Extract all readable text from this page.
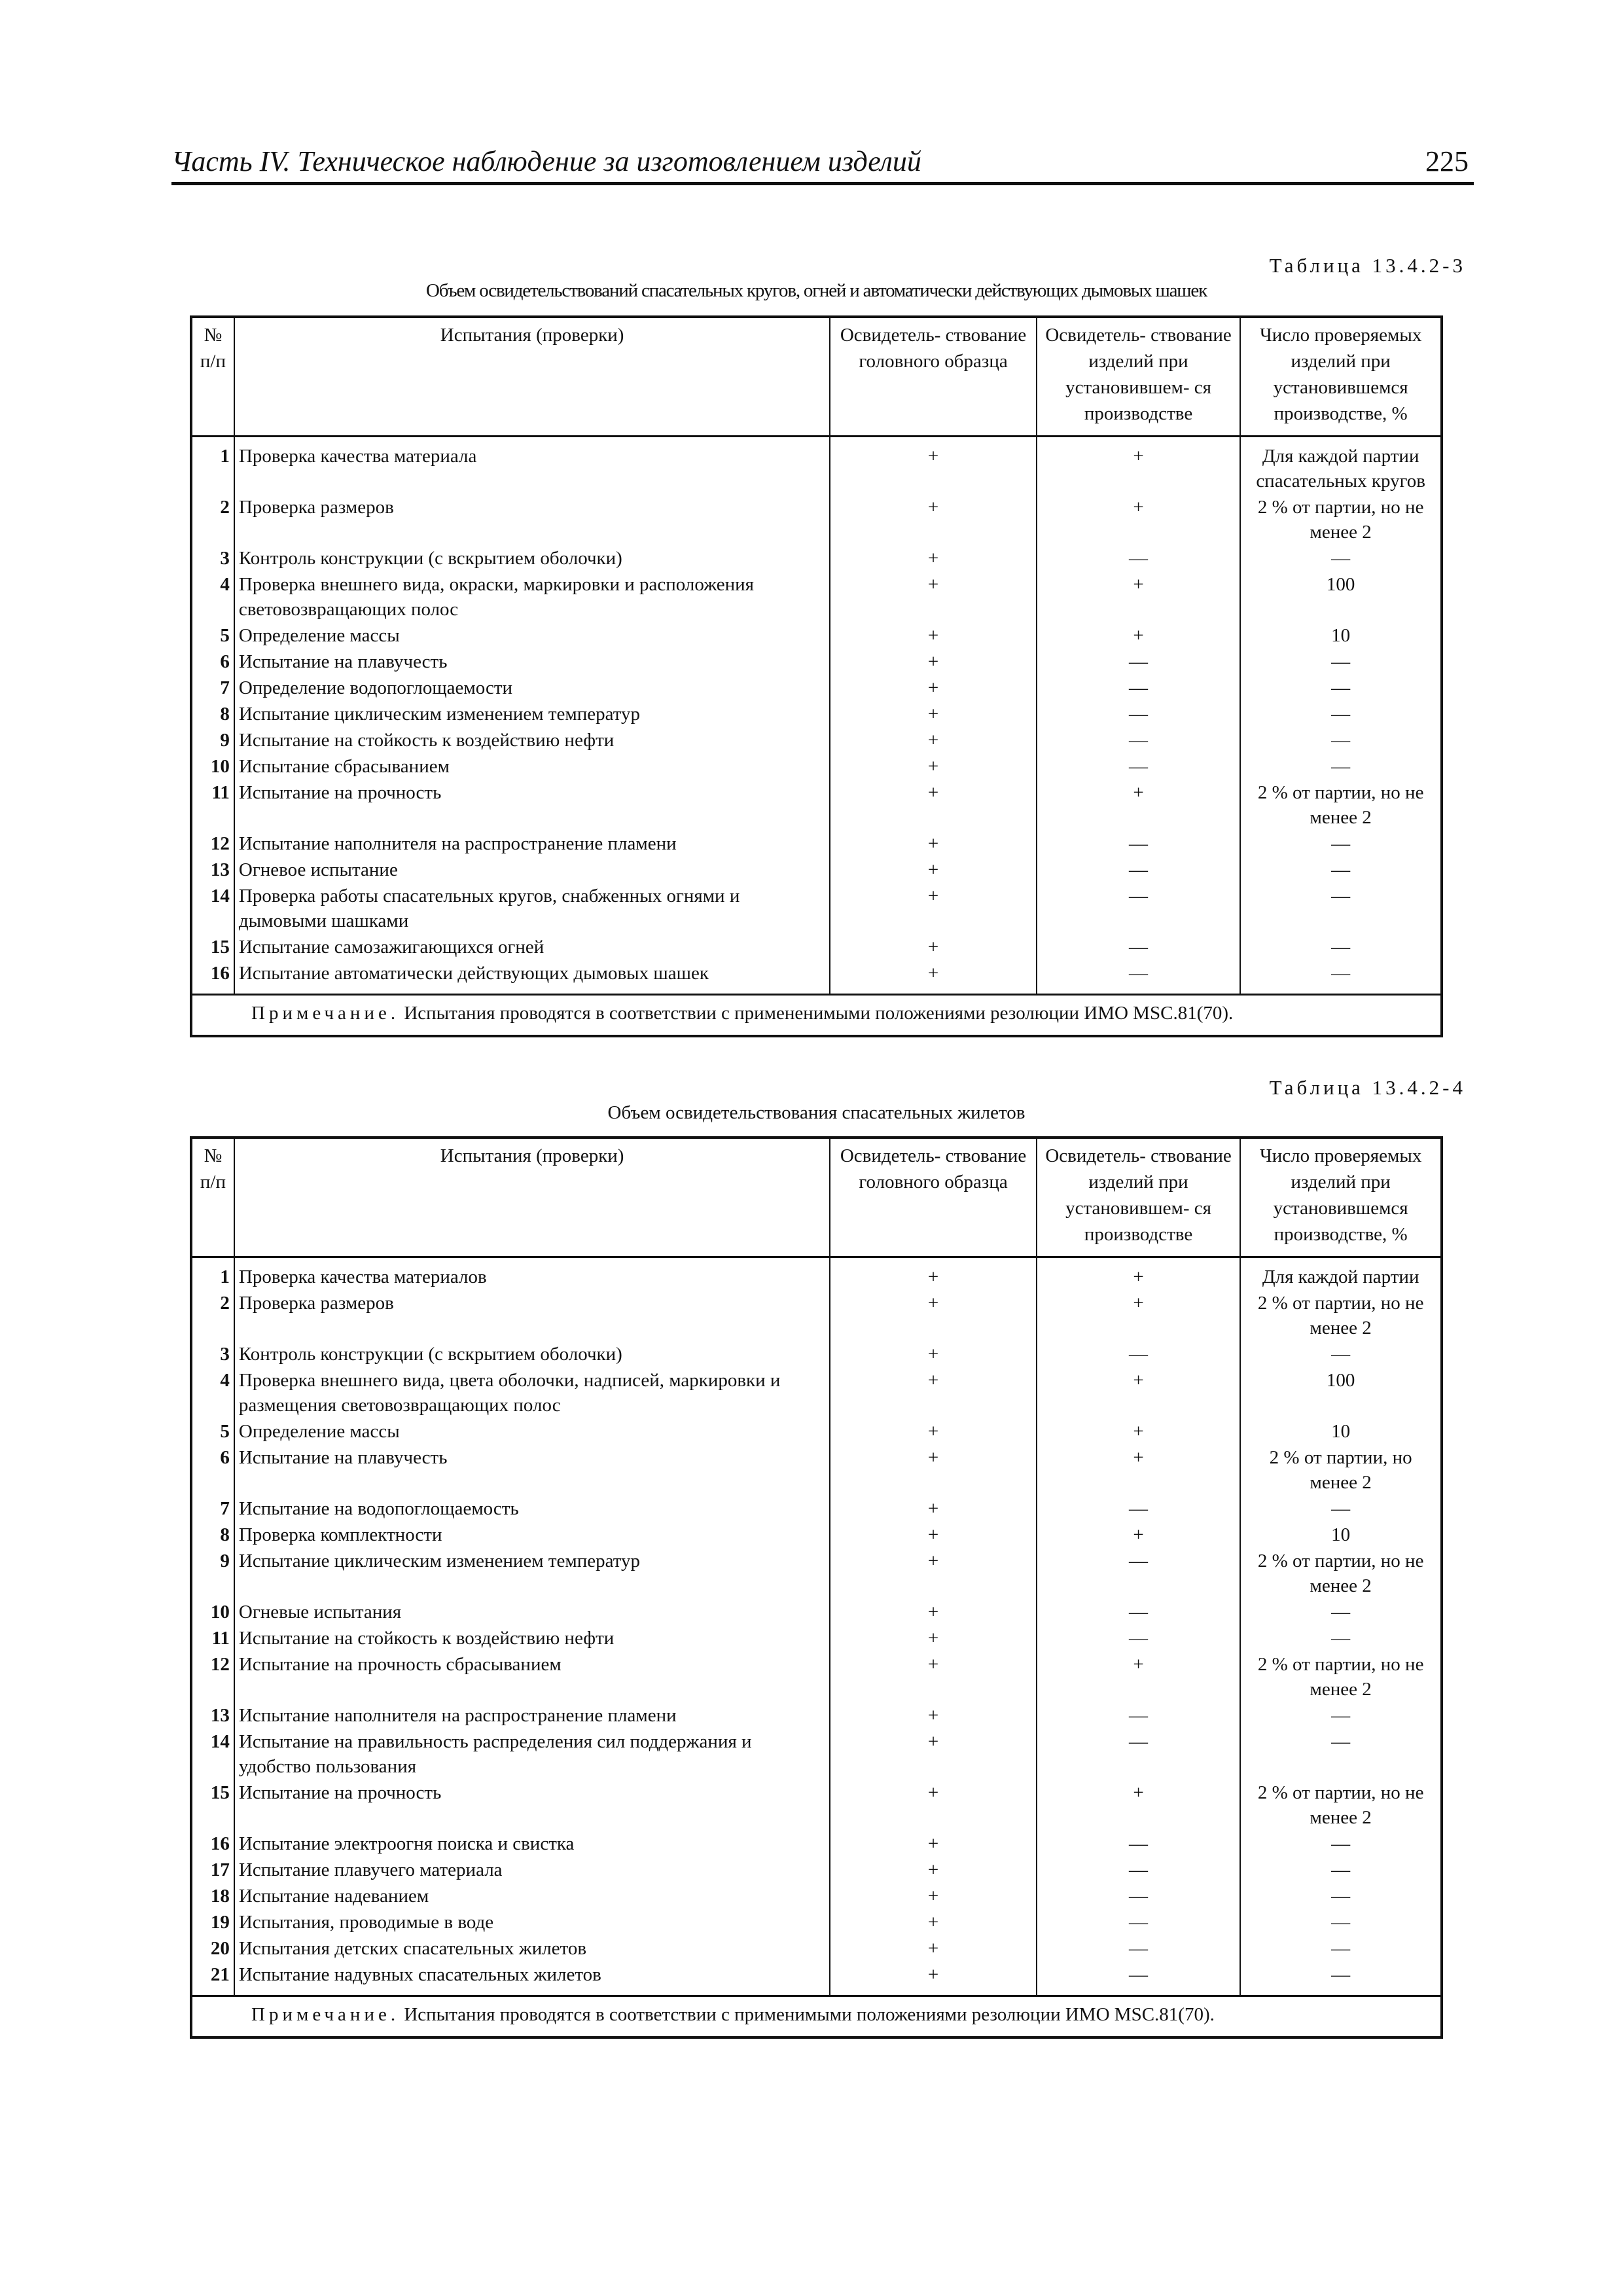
Часть IV. Техническое наблюдение за изготовлением изделий	225
Таблица 13.4.2-3
Объем освидетельствований спасательных кругов, огней и автоматически действующих дымовых шашек
№ п/п	Испытания (проверки)	Освидетель- ствование головного образца	Освидетель- ствование изделий при установившем- ся производстве	Число проверяемых изделий при установившемся производстве, %
1	Проверка качества материала	+	+	Для каждой партии спасательных кругов
2	Проверка размеров	+	+	2 % от партии, но не менее 2
3	Контроль конструкции (с вскрытием оболочки)	+	—	—
4	Проверка внешнего вида, окраски, маркировки и расположения световозвращающих полос	+	+	100
5	Определение массы	+	+	10
6	Испытание на плавучесть	+	—	—
7	Определение водопоглощаемости	+	—	—
8	Испытание циклическим изменением температур	+	—	—
9	Испытание на стойкость к воздействию нефти	+	—	—
10	Испытание сбрасыванием	+	—	—
11	Испытание на прочность	+	+	2 % от партии, но не менее 2
12	Испытание наполнителя на распространение пламени	+	—	—
13	Огневое испытание	+	—	—
14	Проверка работы спасательных кругов, снабженных огнями и дымовыми шашками	+	—	—
15	Испытание самозажигающихся огней	+	—	—
16	Испытание автоматически действующих дымовых шашек	+	—	—
Примечание. Испытания проводятся в соответствии с примененимыми положениями резолюции ИМО MSC.81(70).				
Таблица 13.4.2-4
Объем освидетельствования спасательных жилетов
№ п/п	Испытания (проверки)	Освидетель- ствование головного образца	Освидетель- ствование изделий при установившем- ся производстве	Число проверяемых изделий при установившемся производстве, %
1	Проверка качества материалов	+	+	Для каждой партии
2	Проверка размеров	+	+	2 % от партии, но не менее 2
3	Контроль конструкции (с вскрытием оболочки)	+	—	—
4	Проверка внешнего вида, цвета оболочки, надписей, маркировки и размещения световозвращающих полос	+	+	100
5	Определение массы	+	+	10
6	Испытание на плавучесть	+	+	2 % от партии, но менее 2
7	Испытание на водопоглощаемость	+	—	—
8	Проверка комплектности	+	+	10
9	Испытание циклическим изменением температур	+	—	2 % от партии, но не менее 2
10	Огневые испытания	+	—	—
11	Испытание на стойкость к воздействию нефти	+	—	—
12	Испытание на прочность сбрасыванием	+	+	2 % от партии, но не менее 2
13	Испытание наполнителя на распространение пламени	+	—	—
14	Испытание на правильность распределения сил поддержания и удобство пользования	+	—	—
15	Испытание на прочность	+	+	2 % от партии, но не менее 2
16	Испытание электроогня поиска и свистка	+	—	—
17	Испытание плавучего материала	+	—	—
18	Испытание надеванием	+	—	—
19	Испытания, проводимые в воде	+	—	—
20	Испытания детских спасательных жилетов	+	—	—
21	Испытание надувных спасательных жилетов	+	—	—
Примечание. Испытания проводятся в соответствии с применимыми положениями резолюции ИМО MSC.81(70).				
